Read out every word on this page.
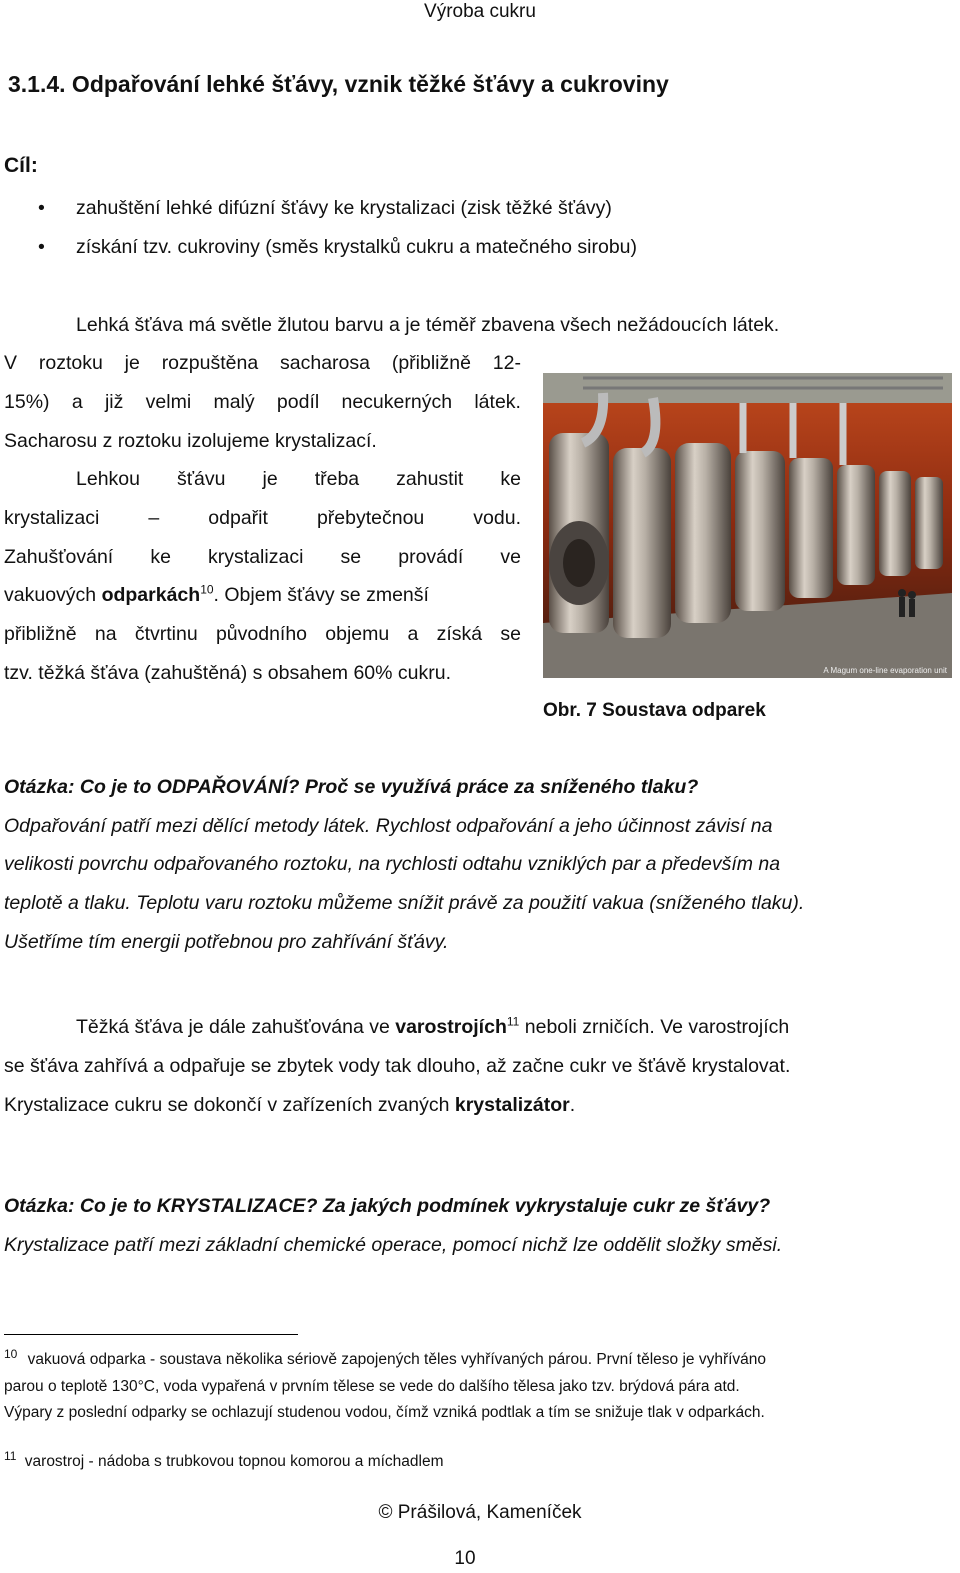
Výroba cukru
3.1.4. Odpařování lehké šťávy, vznik těžké šťávy a cukroviny
Cíl:
• zahuštění lehké difúzní šťávy ke krystalizaci (zisk těžké šťávy)
• získání tzv. cukroviny (směs krystalků cukru a matečného sirobu)
Lehká šťáva má světle žlutou barvu a je téměř zbavena všech nežádoucích látek.
V roztoku je rozpuštěna sacharosa (přibližně 12-
15%) a již velmi malý podíl necukerných látek.
Sacharosu z roztoku izolujeme krystalizací.
Lehkou šťávu je třeba zahustit ke
krystalizaci	–	odpařit	přebytečnou	vodu.
Zahušťování ke krystalizaci se provádí ve
vakuových odparkách$^{10}$. Objem šťávy se zmenší
přibližně na čtvrtinu původního objemu a získá se
tzv. těžká šťáva (zahuštěná) s obsahem 60% cukru.	A Magum one-line evaporation unit
Obr. 7 Soustava odparek
Otázka: Co je to ODPAŘOVÁNÍ? Proč se využívá práce za sníženého tlaku?
Odpařování patří mezi dělící metody látek. Rychlost odpařování a jeho účinnost závisí na
velikosti povrchu odpařovaného roztoku, na rychlosti odtahu vzniklých par a především na
teplotě a tlaku. Teplotu varu roztoku můžeme snížit právě za použití vakua (sníženého tlaku).
Ušetříme tím energii potřebnou pro zahřívání šťávy.
Těžká šťáva je dále zahušťována ve varostrojích$^{11}$ neboli zrničích. Ve varostrojích
se šťáva zahřívá a odpařuje se zbytek vody tak dlouho, až začne cukr ve šťávě krystalovat.
Krystalizace cukru se dokončí v zařízeních zvaných krystalizátor.
Otázka: Co je to KRYSTALIZACE? Za jakých podmínek vykrystaluje cukr ze šťávy?
Krystalizace patří mezi základní chemické operace, pomocí nichž lze oddělit složky směsi.
$^{10}$ vakuová odparka - soustava několika sériově zapojených těles vyhřívaných párou. První těleso je vyhříváno
parou o teplotě 130°C, voda vypařená v prvním tělese se vede do dalšího tělesa jako tzv. brýdová pára atd.
Výpary z poslední odparky se ochlazují studenou vodou, čímž vzniká podtlak a tím se snižuje tlak v odparkách.
$^{11}$ varostroj - nádoba s trubkovou topnou komorou a míchadlem
© Prášilová, Kameníček
10
